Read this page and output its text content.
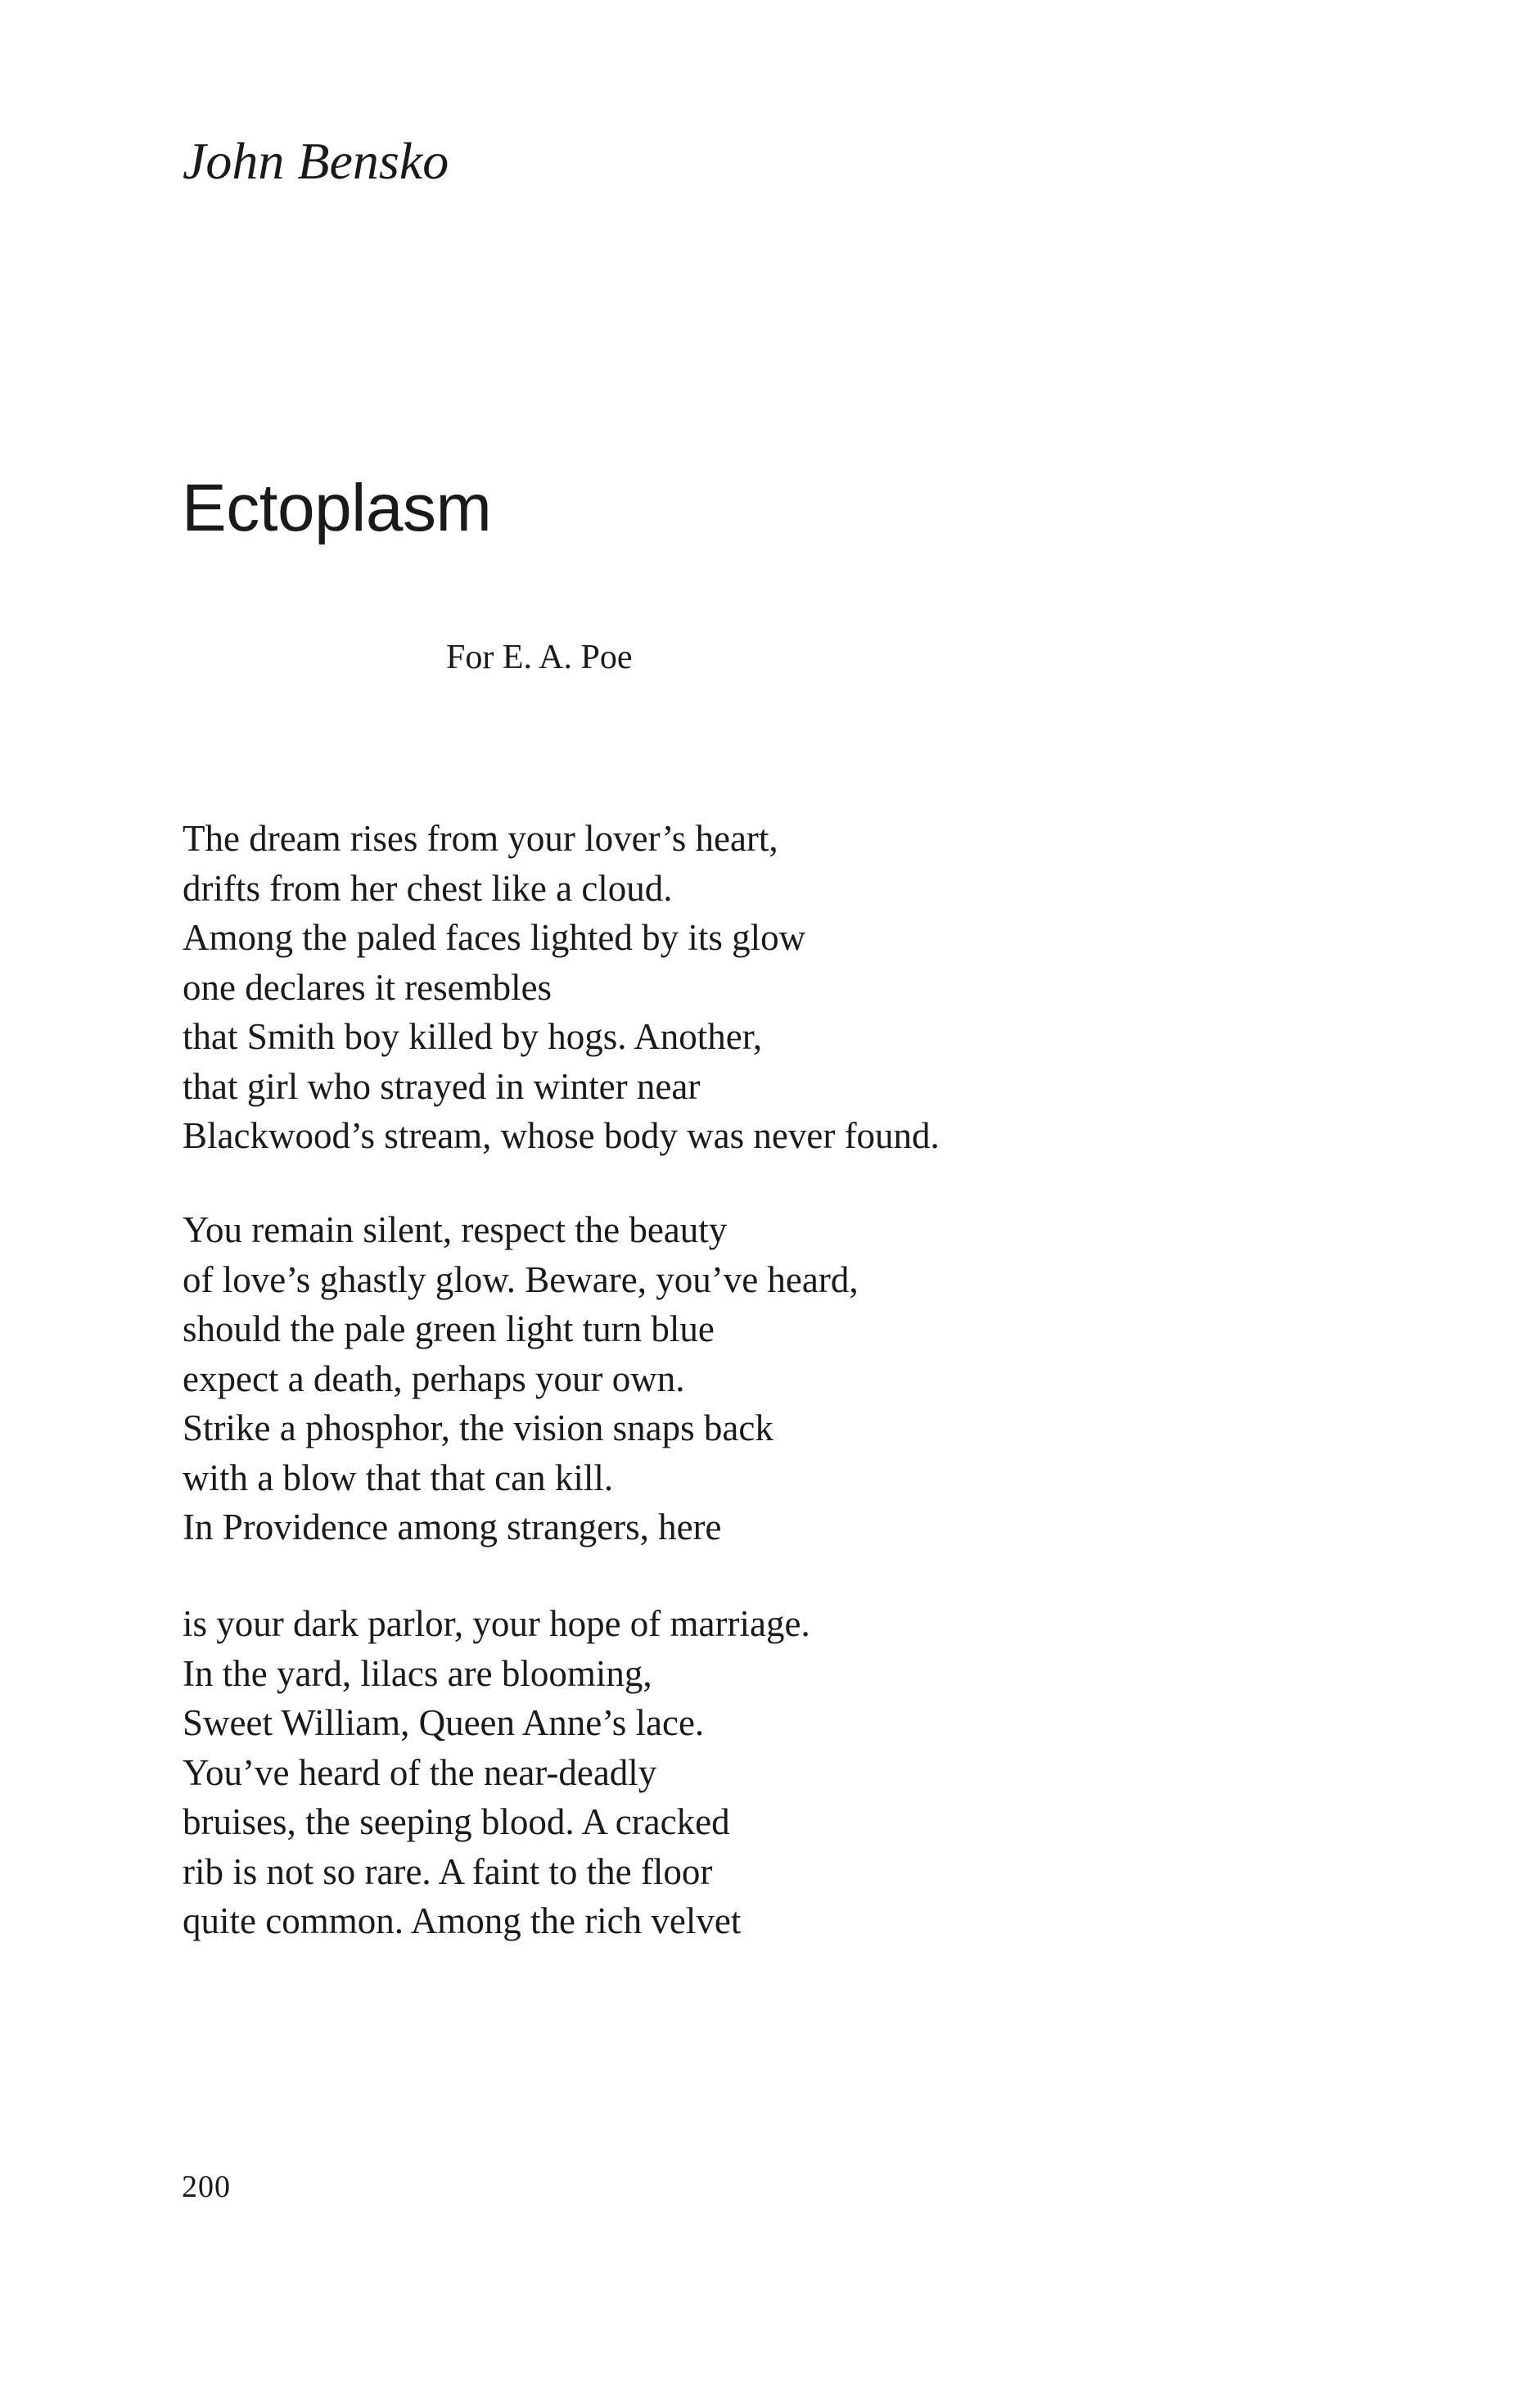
John Bensko
Ectoplasm

For E. A. Poe

The dream rises from your lover’s heart,
drifts from her chest like a cloud.
Among the paled faces lighted by its glow
one declares it resembles
that Smith boy killed by hogs. Another,
that girl who strayed in winter near
Blackwood’s stream, whose body was never found.
You remain silent, respect the beauty
of love’s ghastly glow. Beware, you’ve heard,
should the pale green light turn blue
expect a death, perhaps your own.
Strike a phosphor, the vision snaps back
with a blow that that can kill.
In Providence among strangers, here
is your dark parlor, your hope of marriage.
In the yard, lilacs are blooming,
Sweet William, Queen Anne’s lace.
You’ve heard of the near-deadly
bruises, the seeping blood. A cracked
rib is not so rare. A faint to the floor
quite common. Among the rich velvet

200
